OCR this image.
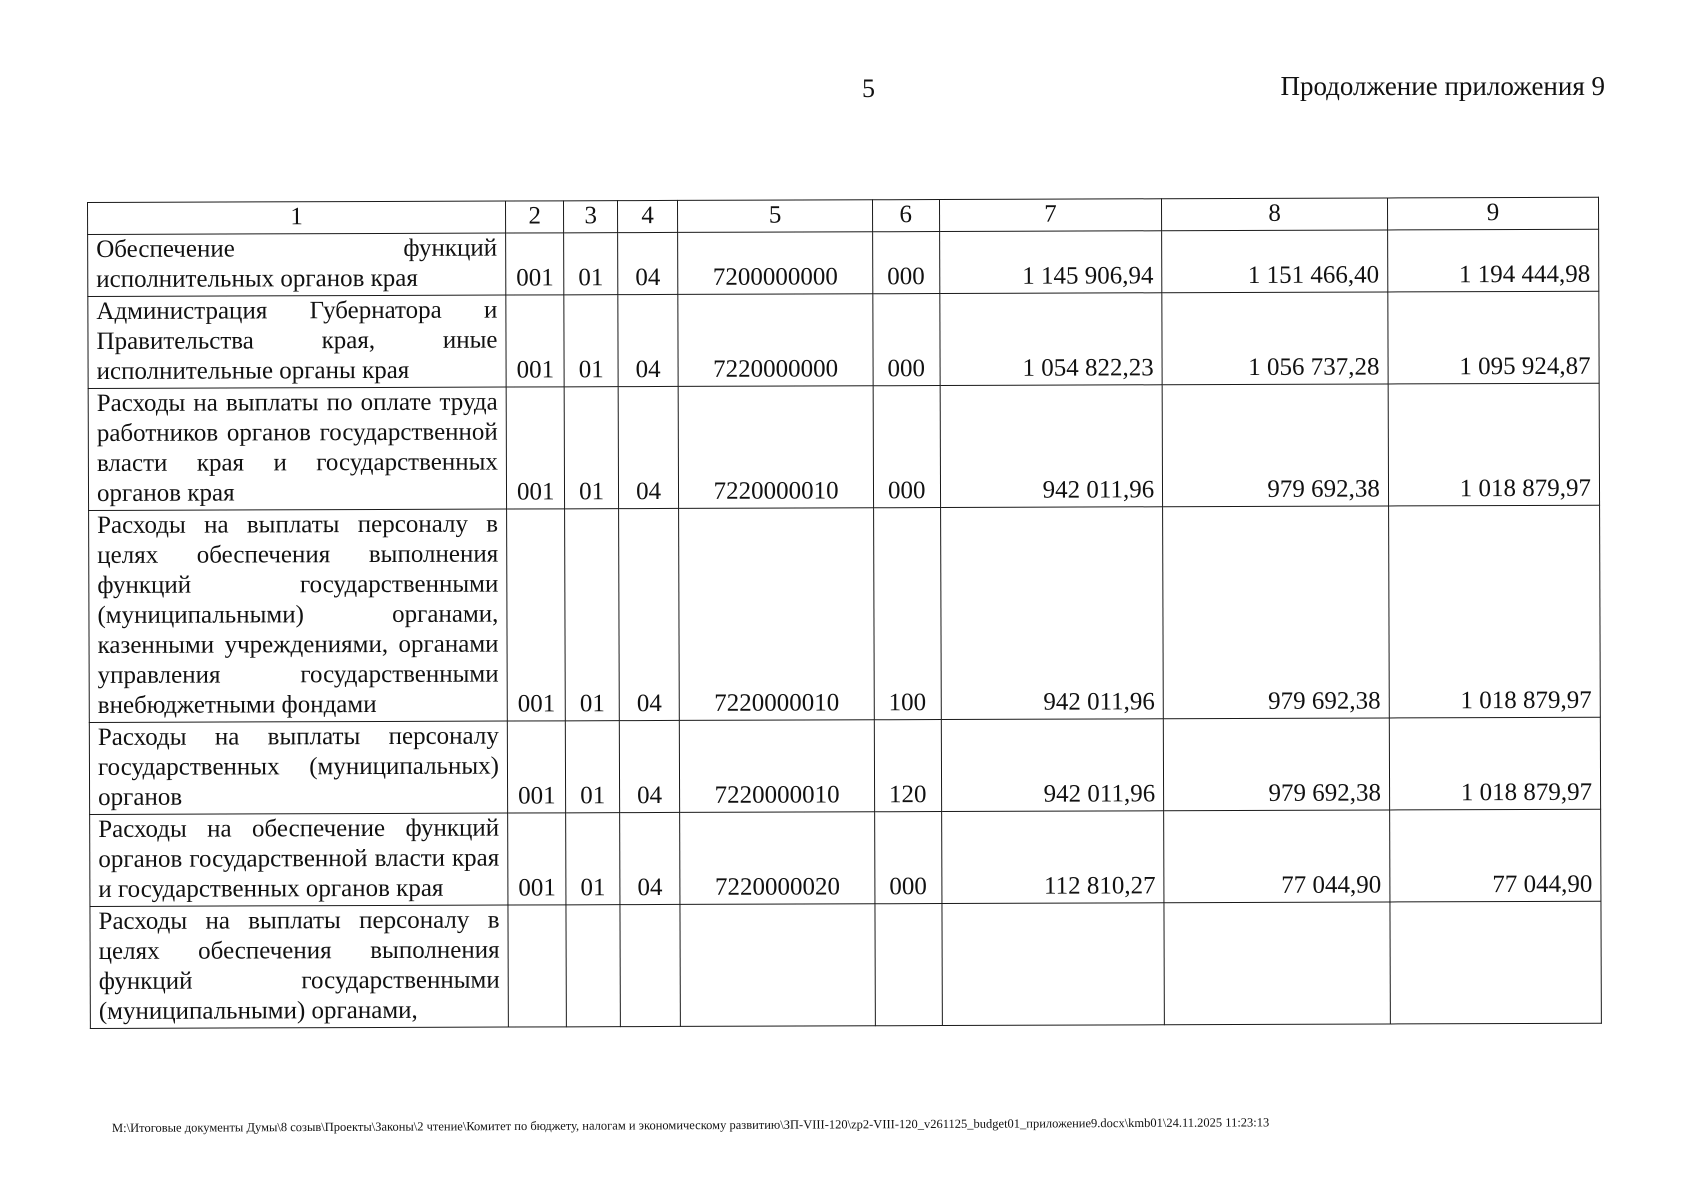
5	Продолжение приложения 9
1	2	3	4	5	6	7	8	9
Обеспечение функций исполнительных органов края	001	01	04	7200000000	000	1 145 906,94	1 151 466,40	1 194 444,98
Администрация Губернатора и Правительства края, иные исполнительные органы края	001	01	04	7220000000	000	1 054 822,23	1 056 737,28	1 095 924,87
Расходы на выплаты по оплате труда работников органов государственной власти края и государственных органов края	001	01	04	7220000010	000	942 011,96	979 692,38	1 018 879,97
Расходы на выплаты персоналу в целях обеспечения выполнения функций государственными (муниципальными) органами, казенными учреждениями, органами управления государственными внебюджетными фондами	001	01	04	7220000010	100	942 011,96	979 692,38	1 018 879,97
Расходы на выплаты персоналу государственных (муниципальных) органов	001	01	04	7220000010	120	942 011,96	979 692,38	1 018 879,97
Расходы на обеспечение функций органов государственной власти края и государственных органов края	001	01	04	7220000020	000	112 810,27	77 044,90	77 044,90
Расходы на выплаты персоналу в целях обеспечения выполнения функций государственными (муниципальными) органами,								
M:\Итоговые документы Думы\8 созыв\Проекты\Законы\2 чтение\Комитет по бюджету, налогам и экономическому развитию\ЗП-VIII-120\zp2-VIII-120_v261125_budget01_приложение9.docx\kmb01\24.11.2025 11:23:13
